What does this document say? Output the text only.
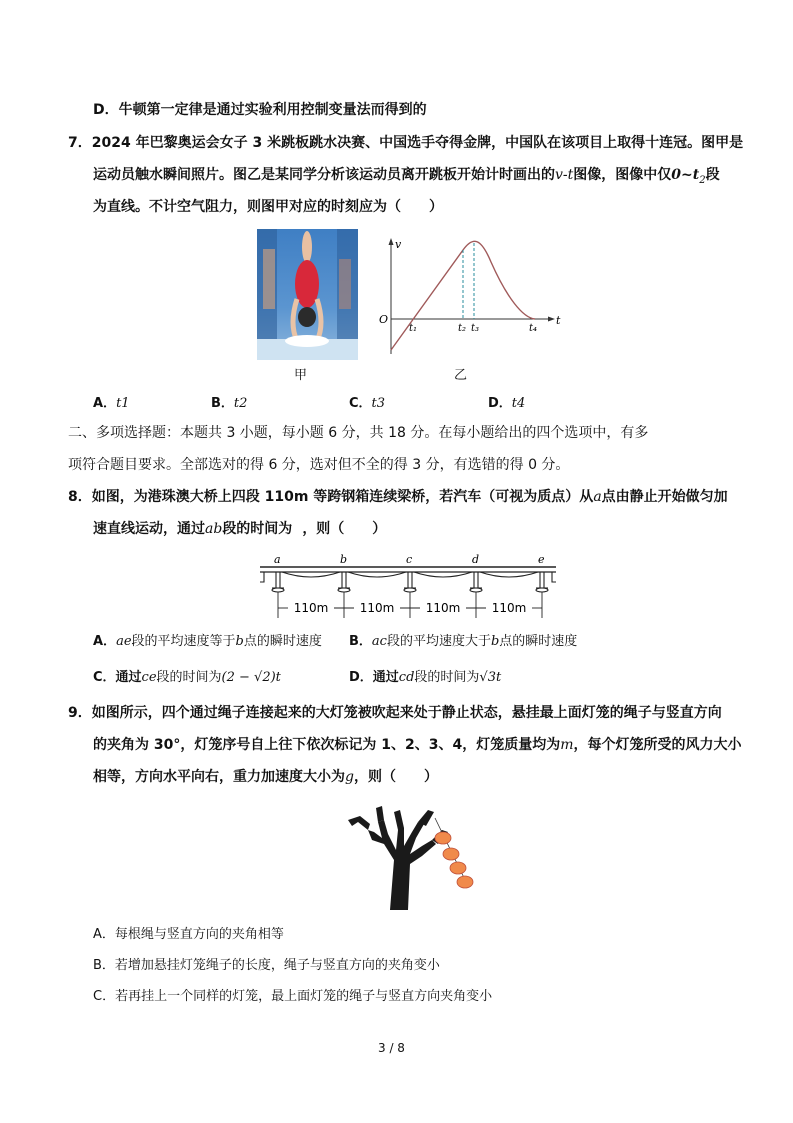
D．牛顿第一定律是通过实验利用控制变量法而得到的
7．2024 年巴黎奥运会女子 3 米跳板跳水决赛、中国选手夺得金牌，中国队在该项目上取得十连冠。图甲是
运动员触水瞬间照片。图乙是某同学分析该运动员离开跳板开始计时画出的v-t图像，图像中仅$0\sim t_2$段
为直线。不计空气阻力，则图甲对应的时刻应为（　　）
v
t
O
t₁	t₂ t₃	t₄
甲	乙
A．t1	B．t2	C．t3	D．t4
二、多项选择题：本题共 3 小题，每小题 6 分，共 18 分。在每小题给出的四个选项中，有多
项符合题目要求。全部选对的得 6 分，选对但不全的得 3 分，有选错的得 0 分。
8．如图，为港珠澳大桥上四段 110m 等跨钢箱连续梁桥，若汽车（可视为质点）从a点由静止开始做匀加
速直线运动，通过ab段的时间为 ，则（　　）
a	b	c	d	e
110m	110m	110m	110m
A．ae段的平均速度等于b点的瞬时速度 B．ac段的平均速度大于b点的瞬时速度
C．通过ce段的时间为(2 − √2)t	D．通过cd段的时间为√3t
9．如图所示，四个通过绳子连接起来的大灯笼被吹起来处于静止状态，悬挂最上面灯笼的绳子与竖直方向
的夹角为 30°，灯笼序号自上往下依次标记为 1、2、3、4，灯笼质量均为m，每个灯笼所受的风力大小
相等，方向水平向右，重力加速度大小为g，则（　　）
A．每根绳与竖直方向的夹角相等
B．若增加悬挂灯笼绳子的长度，绳子与竖直方向的夹角变小
C．若再挂上一个同样的灯笼，最上面灯笼的绳子与竖直方向夹角变小
3 / 8
